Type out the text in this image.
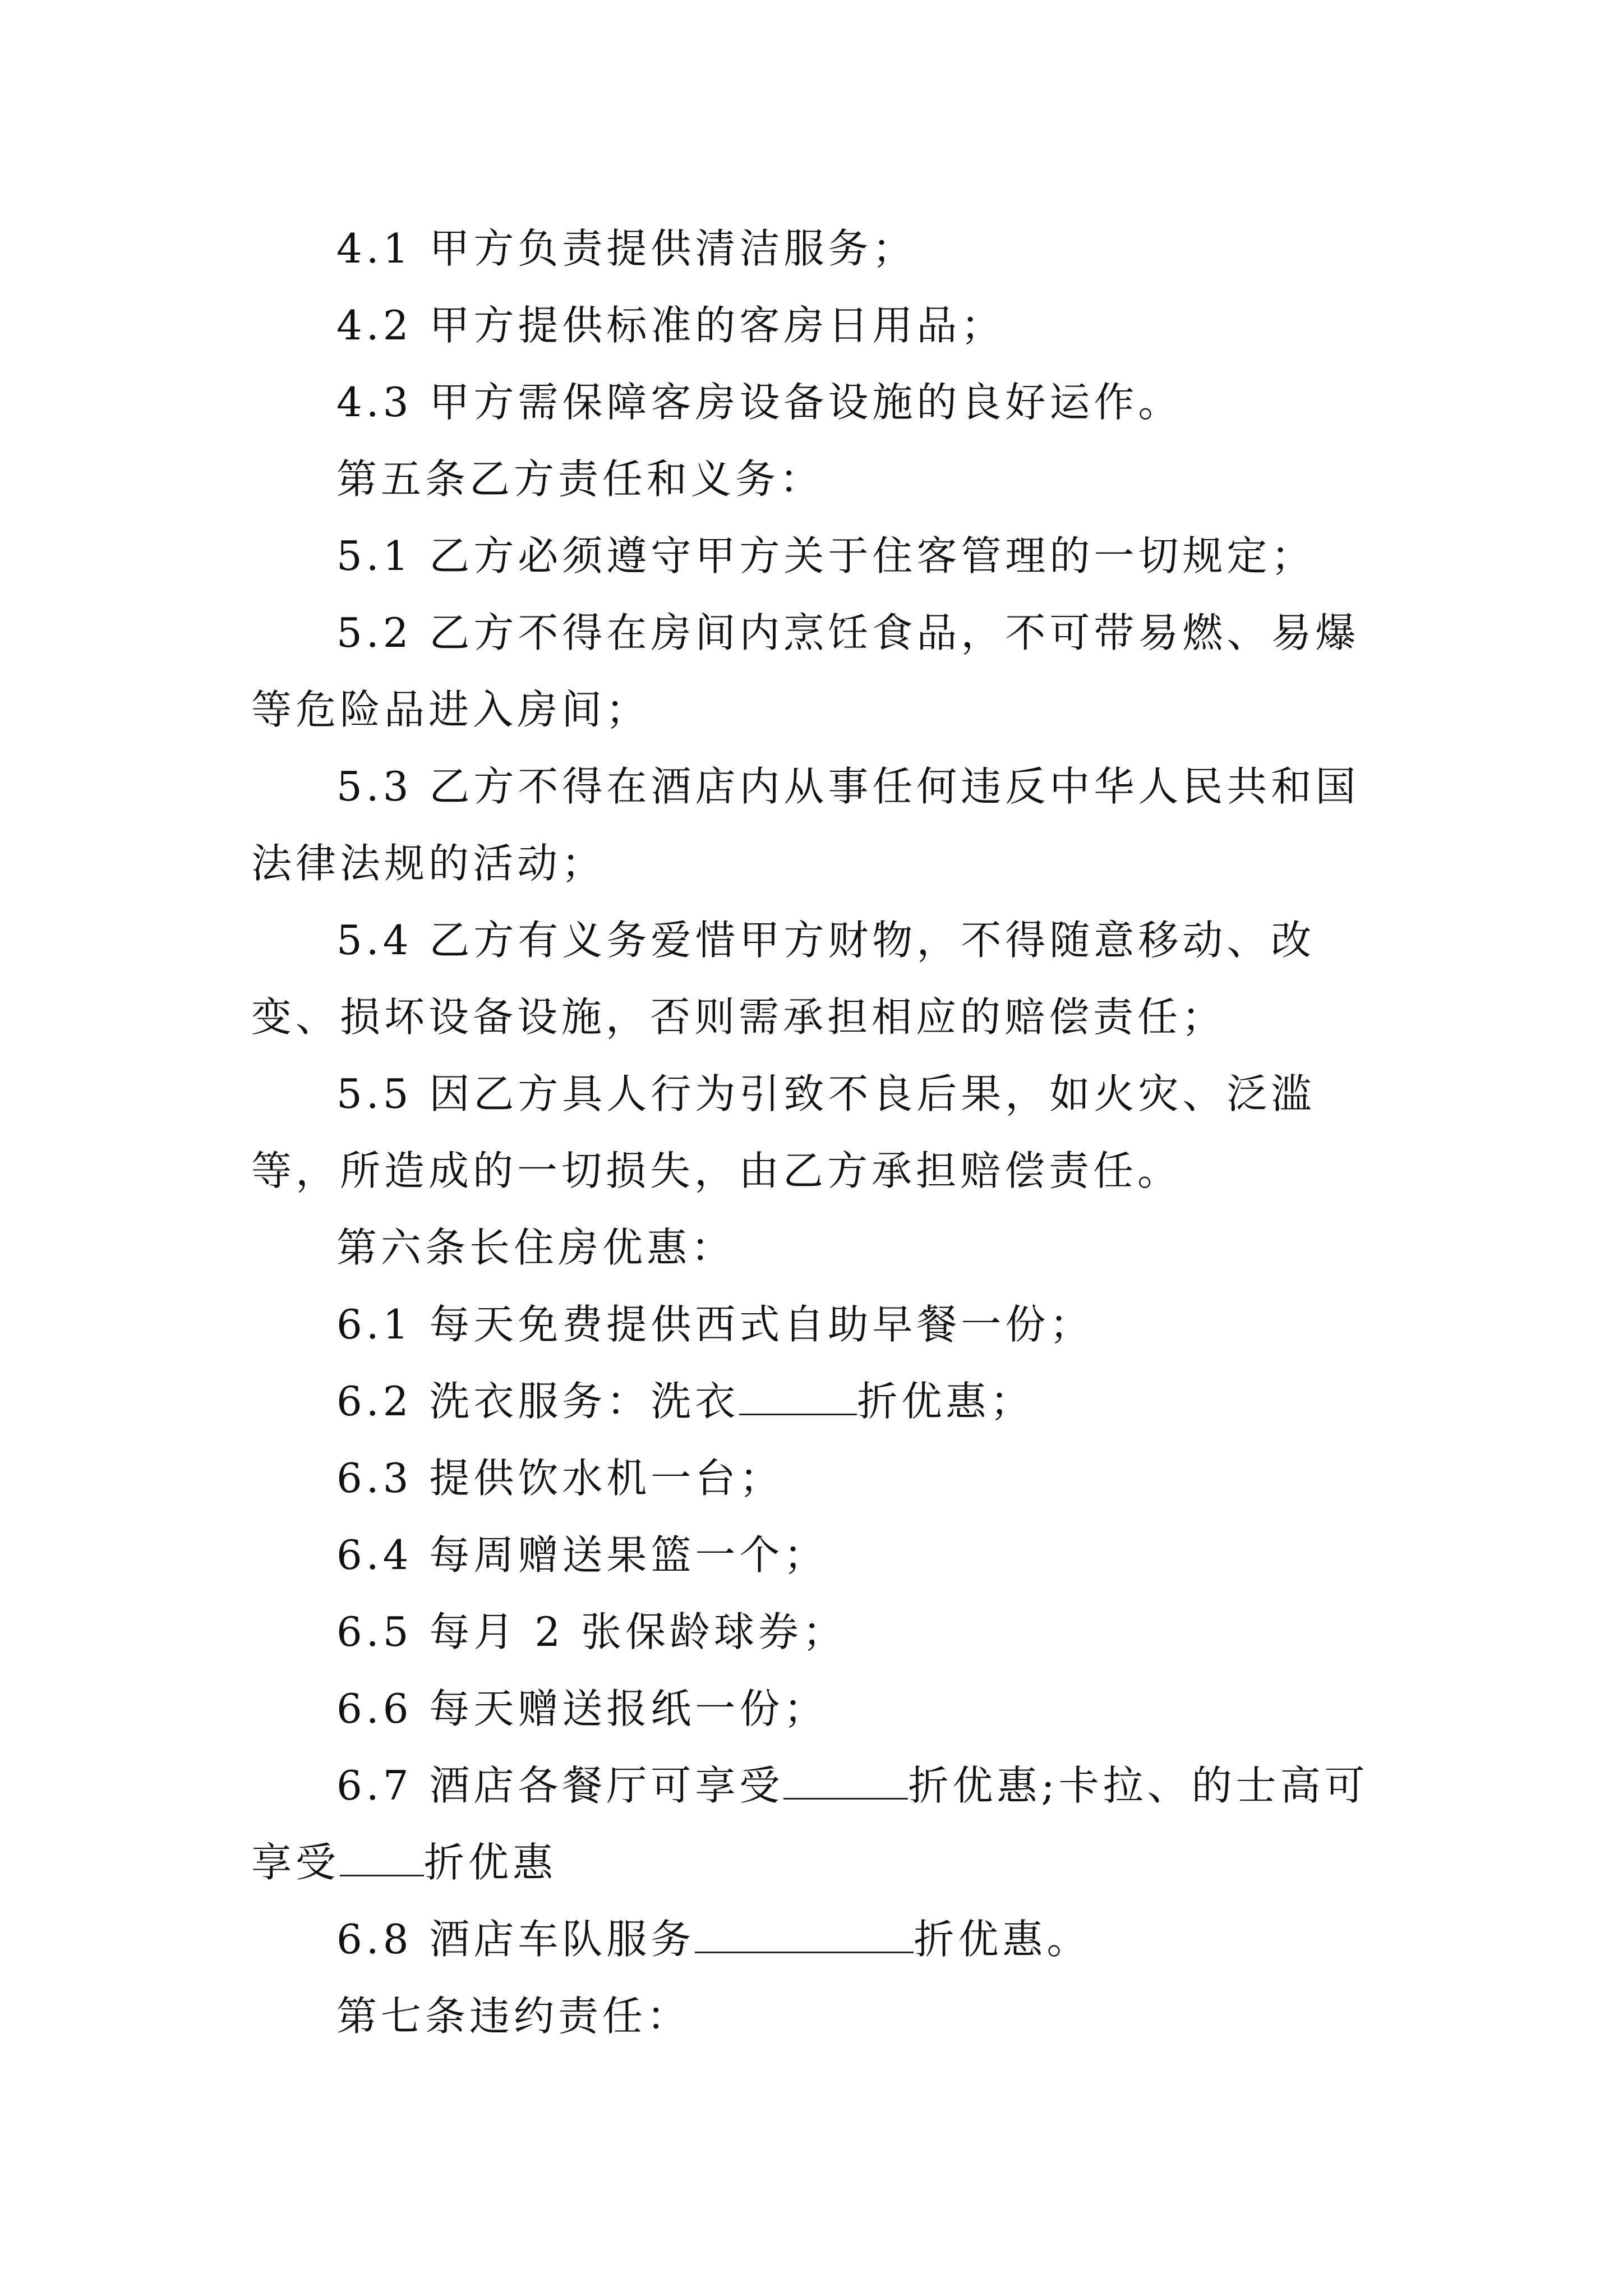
4.1 甲方负责提供清洁服务；

4.2 甲方提供标准的客房日用品；

4.3 甲方需保障客房设备设施的良好运作。

第五条乙方责任和义务：

5.1 乙方必须遵守甲方关于住客管理的一切规定；

5.2 乙方不得在房间内烹饪食品，不可带易燃、易爆等危险品进入房间；

5.3 乙方不得在酒店内从事任何违反中华人民共和国法律法规的活动；

5.4 乙方有义务爱惜甲方财物，不得随意移动、改变、损坏设备设施，否则需承担相应的赔偿责任；

5.5 因乙方具人行为引致不良后果，如火灾、泛滥等，所造成的一切损失，由乙方承担赔偿责任。

第六条长住房优惠：

6.1 每天免费提供西式自助早餐一份；

6.2 洗衣服务：洗衣	折优惠；

6.3 提供饮水机一台；

6.4 每周赠送果篮一个；

6.5 每月 2 张保龄球券；

6.6 每天赠送报纸一份；

6.7 酒店各餐厅可享受	折优惠;卡拉、的士高可享受 折优惠

6.8 酒店车队服务	折优惠。

第七条违约责任：
